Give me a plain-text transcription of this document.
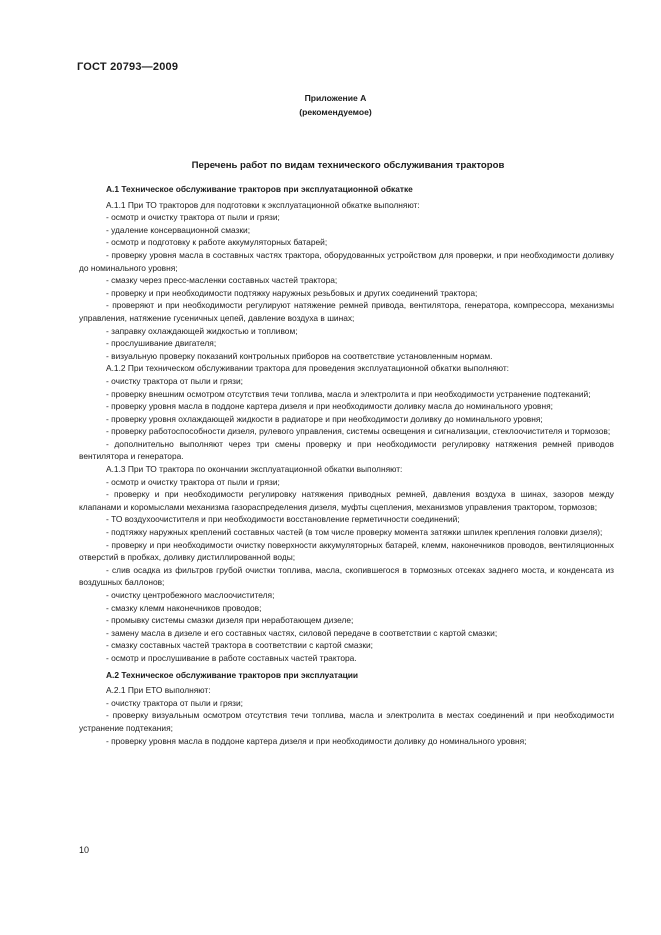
ГОСТ 20793—2009
Приложение А
(рекомендуемое)
Перечень работ по видам технического обслуживания тракторов

А.1 Техническое обслуживание тракторов при эксплуатационной обкатке

А.1.1 При ТО тракторов для подготовки к эксплуатационной обкатке выполняют:

- осмотр и очистку трактора от пыли и грязи;

- удаление консервационной смазки;

- осмотр и подготовку к работе аккумуляторных батарей;

- проверку уровня масла в составных частях трактора, оборудованных устройством для проверки, и при необходимости доливку до номинального уровня;

- смазку через пресс-масленки составных частей трактора;

- проверку и при необходимости подтяжку наружных резьбовых и других соединений трактора;

- проверяют и при необходимости регулируют натяжение ремней привода, вентилятора, генератора, компрессора, механизмы управления, натяжение гусеничных цепей, давление воздуха в шинах;

- заправку охлаждающей жидкостью и топливом;

- прослушивание двигателя;

- визуальную проверку показаний контрольных приборов на соответствие установленным нормам.

А.1.2 При техническом обслуживании трактора для проведения эксплуатационной обкатки выполняют:

- очистку трактора от пыли и грязи;

- проверку внешним осмотром отсутствия течи топлива, масла и электролита и при необходимости устранение подтеканий;

- проверку уровня масла в поддоне картера дизеля и при необходимости доливку масла до номинального уровня;

- проверку уровня охлаждающей жидкости в радиаторе и при необходимости доливку до номинального уровня;

- проверку работоспособности дизеля, рулевого управления, системы освещения и сигнализации, стеклоочистителя и тормозов;

- дополнительно выполняют через три смены проверку и при необходимости регулировку натяжения ремней приводов вентилятора и генератора.

А.1.3 При ТО трактора по окончании эксплуатационной обкатки выполняют:

- осмотр и очистку трактора от пыли и грязи;

- проверку и при необходимости регулировку натяжения приводных ремней, давления воздуха в шинах, зазоров между клапанами и коромыслами механизма газораспределения дизеля, муфты сцепления, механизмов управления трактором, тормозов;

- ТО воздухоочистителя и при необходимости восстановление герметичности соединений;

- подтяжку наружных креплений составных частей (в том числе проверку момента затяжки шпилек крепления головки дизеля);

- проверку и при необходимости очистку поверхности аккумуляторных батарей, клемм, наконечников проводов, вентиляционных отверстий в пробках, доливку дистиллированной воды;

- слив осадка из фильтров грубой очистки топлива, масла, скопившегося в тормозных отсеках заднего моста, и конденсата из воздушных баллонов;

- очистку центробежного маслоочистителя;

- смазку клемм наконечников проводов;

- промывку системы смазки дизеля при неработающем дизеле;

- замену масла в дизеле и его составных частях, силовой передаче в соответствии с картой смазки;

- смазку составных частей трактора в соответствии с картой смазки;

- осмотр и прослушивание в работе составных частей трактора.

А.2 Техническое обслуживание тракторов при эксплуатации

А.2.1 При ЕТО выполняют:

- очистку трактора от пыли и грязи;

- проверку визуальным осмотром отсутствия течи топлива, масла и электролита в местах соединений и при необходимости устранение подтекания;

- проверку уровня масла в поддоне картера дизеля и при необходимости доливку до номинального уровня;

10
